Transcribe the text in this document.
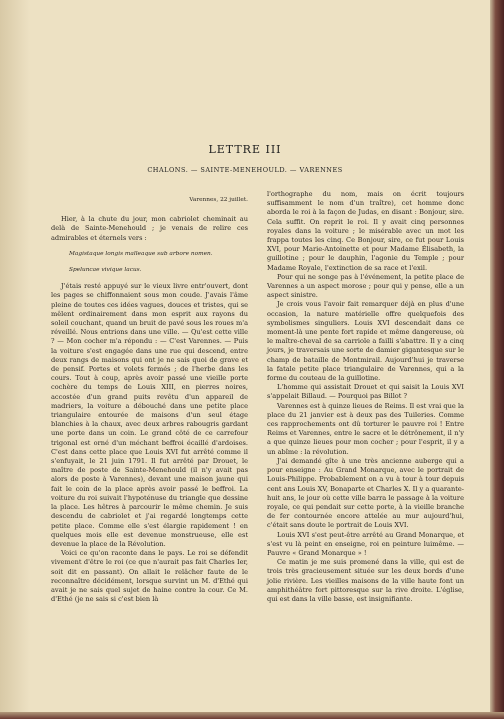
LETTRE III
CHALONS. — SAINTE-MENEHOULD. — VARENNES

Varennes, 22 juillet.

Hier, à la chute du jour, mon cabriolet cheminait au delà de Sainte-Menehould ; je venais de relire ces admirables et éternels vers :

Magistaque longis malleaque sub arbore nomen.

Speluncae vivique lacus.

J'étais resté appuyé sur le vieux livre entr'ouvert, dont les pages se chiffonnaient sous mon coude. J'avais l'âme pleine de toutes ces idées vagues, douces et tristes, qui se mêlent ordinairement dans mon esprit aux rayons du soleil couchant, quand un bruit de pavé sous les roues m'a réveillé. Nous entrions dans une ville. — Qu'est cette ville ? — Mon cocher m'a répondu : — C'est Varennes. — Puis la voiture s'est engagée dans une rue qui descend, entre deux rangs de maisons qui ont je ne sais quoi de grave et de pensif. Portes et volets fermés ; de l'herbe dans les cours. Tout à coup, après avoir passé une vieille porte cochère du temps de Louis XIII, en pierres noires, accostée d'un grand puits revêtu d'un appareil de madriers, la voiture a débouché dans une petite place triangulaire entourée de maisons d'un seul étage blanchies à la chaux, avec deux arbres rabougris gardant une porte dans un coin. Le grand côté de ce carrefour trigonal est orné d'un méchant beffroi écaillé d'ardoises. C'est dans cette place que Louis XVI fut arrêté comme il s'enfuyait, le 21 juin 1791. Il fut arrêté par Drouet, le maître de poste de Sainte-Menehould (il n'y avait pas alors de poste à Varennes), devant une maison jaune qui fait le coin de la place après avoir passé le beffroi. La voiture du roi suivait l'hypoténuse du triangle que dessine la place. Les hêtres à parcourir le même chemin. Je suis descendu de cabriolet et j'ai regardé longtemps cette petite place. Comme elle s'est élargie rapidement ! en quelques mois elle est devenue monstrueuse, elle est devenue la place de la Révolution.

Voici ce qu'on raconte dans le pays. Le roi se défendit vivement d'être le roi (ce que n'aurait pas fait Charles Ier, soit dit en passant). On allait le relâcher faute de le reconnaître décidément, lorsque survint un M. d'Ethé qui avait je ne sais quel sujet de haine contre la cour. Ce M. d'Ethé (je ne sais si c'est bien là

l'orthographe du nom, mais on écrit toujours suffisamment le nom d'un traître), cet homme donc aborda le roi à la façon de Judas, en disant : Bonjour, sire. Cela suffit. On reprit le roi. Il y avait cinq personnes royales dans la voiture ; le misérable avec un mot les frappa toutes les cinq. Ce Bonjour, sire, ce fut pour Louis XVI, pour Marie-Antoinette et pour Madame Élisabeth, la guillotine ; pour le dauphin, l'agonie du Temple ; pour Madame Royale, l'extinction de sa race et l'exil.

Pour qui ne songe pas à l'événement, la petite place de Varennes a un aspect morose ; pour qui y pense, elle a un aspect sinistre.

Je crois vous l'avoir fait remarquer déjà en plus d'une occasion, la nature matérielle offre quelquefois des symbolismes singuliers. Louis XVI descendait dans ce moment-là une pente fort rapide et même dangereuse, où le maître-cheval de sa carriole a failli s'abattre. Il y a cinq jours, je traversais une sorte de damier gigantesque sur le champ de bataille de Montmirail. Aujourd'hui je traverse la fatale petite place triangulaire de Varennes, qui a la forme du couteau de la guillotine.

L'homme qui assistait Drouet et qui saisit la Louis XVI s'appelait Billaud. — Pourquoi pas Billot ?

Varennes est à quinze lieues de Reims. Il est vrai que la place du 21 janvier est à deux pas des Tuileries. Comme ces rapprochements ont dû torturer le pauvre roi ! Entre Reims et Varennes, entre le sacre et le détrônement, il n'y a que quinze lieues pour mon cocher ; pour l'esprit, il y a un abîme : la révolution.

J'ai demandé gîte à une très ancienne auberge qui a pour enseigne : Au Grand Monarque, avec le portrait de Louis-Philippe. Probablement on a vu à tour à tour depuis cent ans Louis XV, Bonaparte et Charles X. Il y a quarante-huit ans, le jour où cette ville barra le passage à la voiture royale, ce qui pendait sur cette porte, à la vieille branche de fer contournée encore attelée au mur aujourd'hui, c'était sans doute le portrait de Louis XVI.

Louis XVI s'est peut-être arrêté au Grand Monarque, et s'est vu là peint en enseigne, roi en peinture luimême. — Pauvre « Grand Monarque » !

Ce matin je me suis promené dans la ville, qui est de trois très gracieusement située sur les deux bords d'une jolie rivière. Les vieilles maisons de la ville haute font un amphithéâtre fort pittoresque sur la rive droite. L'église, qui est dans la ville basse, est insignifiante.
